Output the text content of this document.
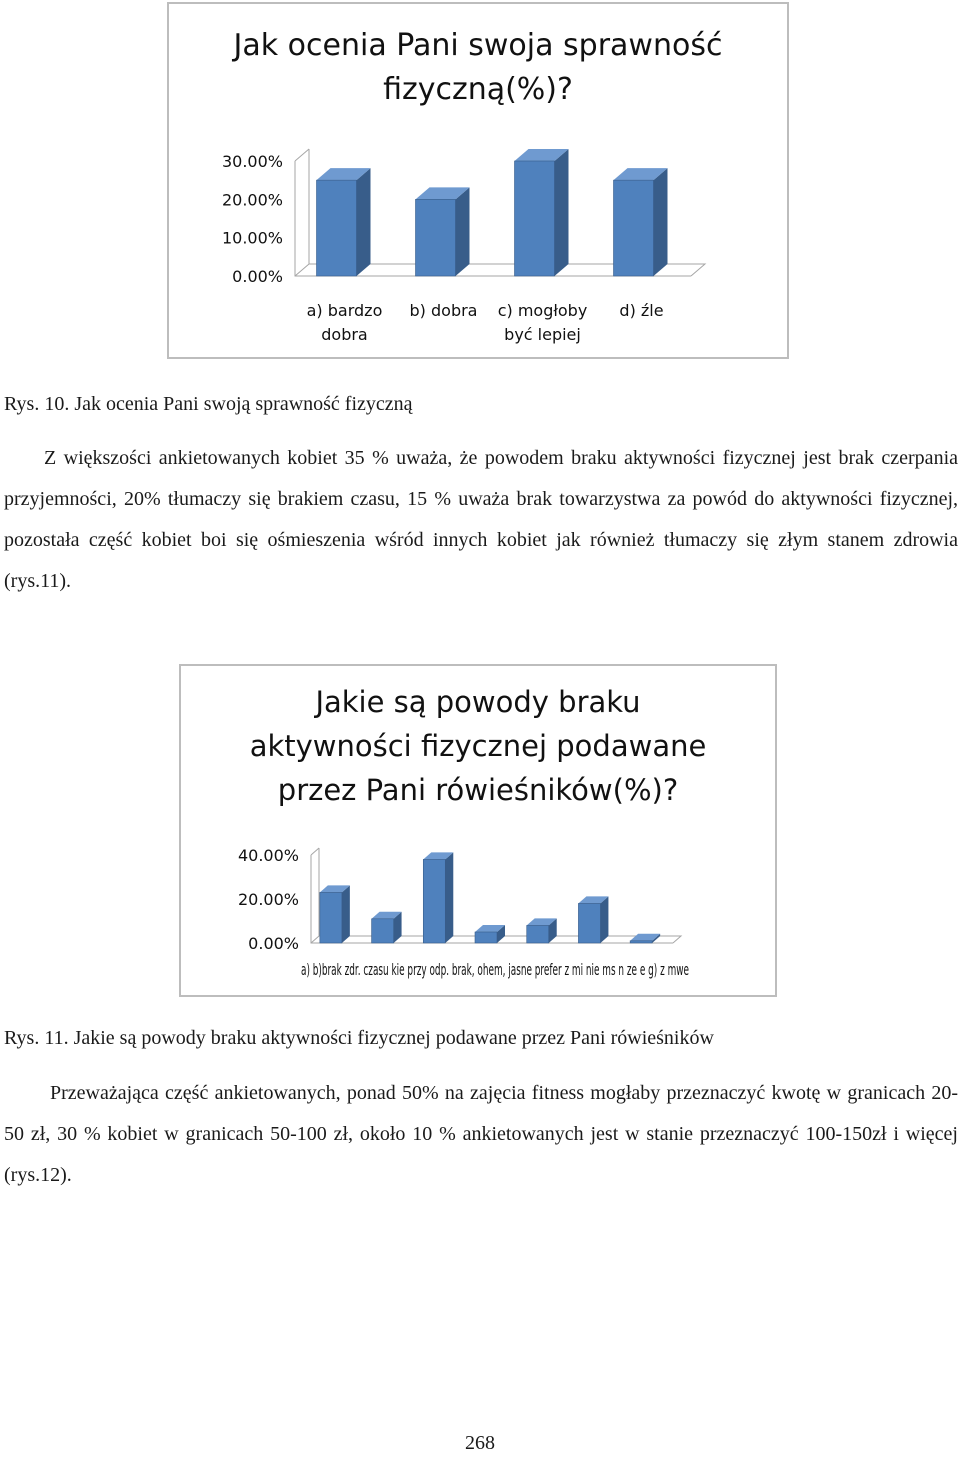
Jak ocenia Pani swoja sprawność
fizyczną(%)?
0.00%
10.00%
20.00%
30.00%
a) bardzo
dobra
b) dobra c) mogłoby
być lepiej
d) źle
Rys. 10. Jak ocenia Pani swoją sprawność fizyczną
Z większości ankietowanych kobiet 35 % uważa, że powodem braku aktywności fizycznej jest brak czerpania przyjemności, 20% tłumaczy się brakiem czasu, 15 % uważa brak towarzystwa za powód do aktywności fizycznej, pozostała część kobiet boi się ośmieszenia wśród innych kobiet jak również tłumaczy się złym stanem zdrowia (rys.11).
Jakie są powody braku
aktywności fizycznej podawane
przez Pani rówieśników(%)?
0.00%
20.00%
40.00%
a) b)brak zdr. czasu kie przy odp. brak, ohem, jasne prefer z mi nie ms n ze e g) z mwe
Rys. 11. Jakie są powody braku aktywności fizycznej podawane przez Pani rówieśników
Przeważająca część ankietowanych, ponad 50% na zajęcia fitness mogłaby przeznaczyć kwotę w granicach 20-50 zł, 30 % kobiet w granicach 50-100 zł, około 10 % ankietowanych jest w stanie przeznaczyć 100-150zł i więcej (rys.12).
268
